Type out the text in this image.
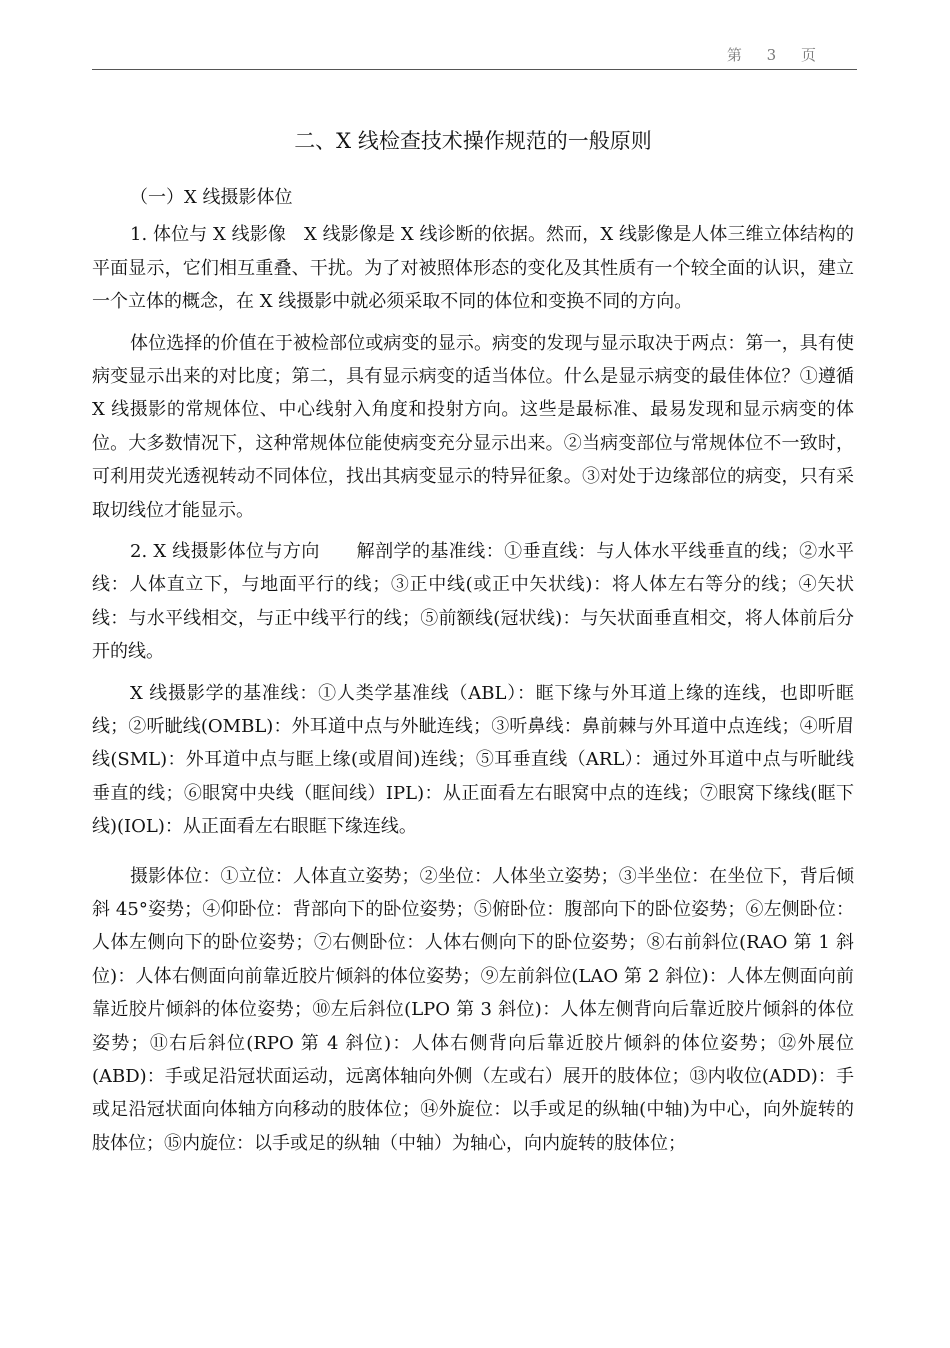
第 3 页
二、X 线检查技术操作规范的一般原则
（一）X 线摄影体位

1. 体位与 X 线影像　X 线影像是 X 线诊断的依据。然而，X 线影像是人体三维立体结构的平面显示，它们相互重叠、干扰。为了对被照体形态的变化及其性质有一个较全面的认识，建立一个立体的概念，在 X 线摄影中就必须采取不同的体位和变换不同的方向。

体位选择的价值在于被检部位或病变的显示。病变的发现与显示取决于两点：第一，具有使病变显示出来的对比度；第二，具有显示病变的适当体位。什么是显示病变的最佳体位？①遵循 X 线摄影的常规体位、中心线射入角度和投射方向。这些是最标准、最易发现和显示病变的体位。大多数情况下，这种常规体位能使病变充分显示出来。②当病变部位与常规体位不一致时，可利用荧光透视转动不同体位，找出其病变显示的特异征象。③对处于边缘部位的病变，只有采取切线位才能显示。

2. X 线摄影体位与方向　　解剖学的基准线：①垂直线：与人体水平线垂直的线；②水平线：人体直立下，与地面平行的线；③正中线(或正中矢状线)：将人体左右等分的线；④矢状线：与水平线相交，与正中线平行的线；⑤前额线(冠状线)：与矢状面垂直相交，将人体前后分开的线。

X 线摄影学的基准线：①人类学基准线（ABL）：眶下缘与外耳道上缘的连线，也即听眶线；②听眦线(OMBL)：外耳道中点与外眦连线；③听鼻线：鼻前棘与外耳道中点连线；④听眉线(SML)：外耳道中点与眶上缘(或眉间)连线；⑤耳垂直线（ARL）：通过外耳道中点与听眦线垂直的线；⑥眼窝中央线（眶间线）IPL)：从正面看左右眼窝中点的连线；⑦眼窝下缘线(眶下线)(IOL)：从正面看左右眼眶下缘连线。

摄影体位：①立位：人体直立姿势；②坐位：人体坐立姿势；③半坐位：在坐位下，背后倾斜 45°姿势；④仰卧位：背部向下的卧位姿势；⑤俯卧位：腹部向下的卧位姿势；⑥左侧卧位：人体左侧向下的卧位姿势；⑦右侧卧位：人体右侧向下的卧位姿势；⑧右前斜位(RAO 第 1 斜位)：人体右侧面向前靠近胶片倾斜的体位姿势；⑨左前斜位(LAO 第 2 斜位)：人体左侧面向前靠近胶片倾斜的体位姿势；⑩左后斜位(LPO 第 3 斜位)：人体左侧背向后靠近胶片倾斜的体位姿势；⑪右后斜位(RPO 第 4 斜位)：人体右侧背向后靠近胶片倾斜的体位姿势；⑫外展位(ABD)：手或足沿冠状面运动，远离体轴向外侧（左或右）展开的肢体位；⑬内收位(ADD)：手或足沿冠状面向体轴方向移动的肢体位；⑭外旋位：以手或足的纵轴(中轴)为中心，向外旋转的肢体位；⑮内旋位：以手或足的纵轴（中轴）为轴心，向内旋转的肢体位；
